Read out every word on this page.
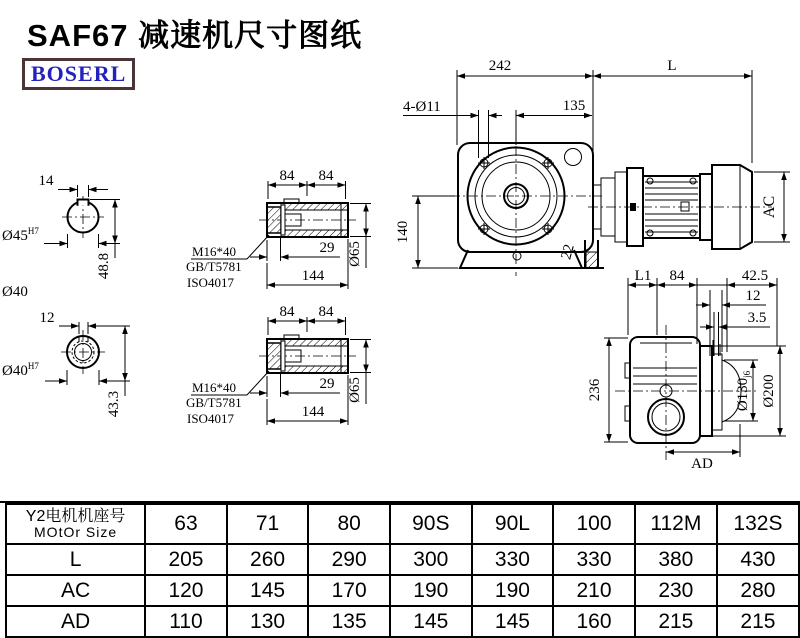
242	L
4-Ø11	135
140
AC
22
14
$Ø45^{H7}$
48.8
Ø40
12
$Ø40^{H7}$
43.3
84 84
29
144
Ø65
M16*40
GB/T5781
ISO4017
84 84
29
144
Ø65
M16*40
GB/T5781
ISO4017
L1 84	42.5
12
3.5
236	$Ø130_{j6}$ Ø200
AD
SAF67 减速机尺寸图纸
BOSERL
Y2电机机座号
MOtOr Size	63	71	80	90S	90L	100	112M	132S
L	205	260	290	300	330	330	380	430
AC	120	145	170	190	190	210	230	280
AD	110	130	135	145	145	160	215	215
